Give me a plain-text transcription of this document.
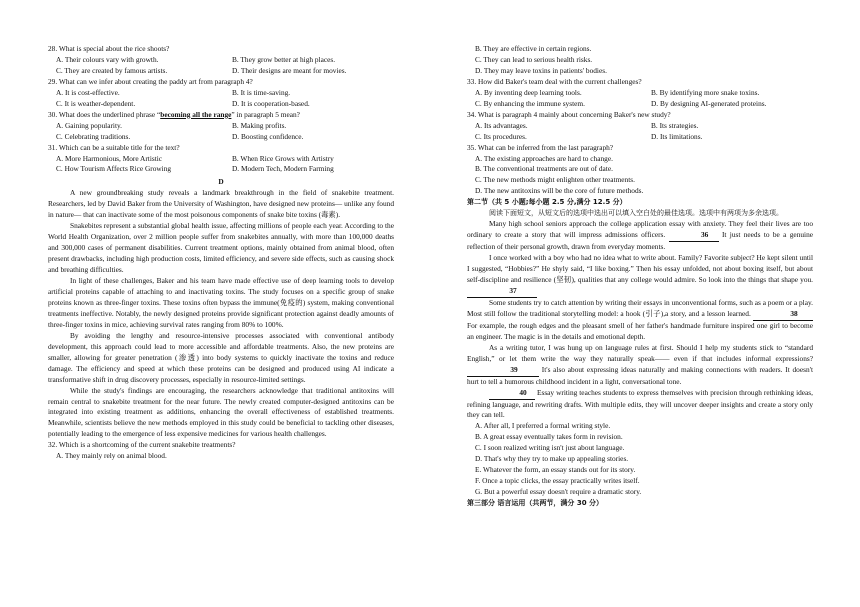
28. What is special about the rice shoots?

A. Their colours vary with growth.	B. They grow better at high places.
C. They are created by famous artists.	D. Their designs are meant for movies.

29. What can we infer about creating the paddy art from paragraph 4?

A. It is cost-effective.	B. It is time-saving.
C. It is weather-dependent.	D. It is cooperation-based.

30. What does the underlined phrase “becoming all the range” in paragraph 5 mean?

A. Gaining popularity.	B. Making profits.
C. Celebrating traditions.	D. Boosting confidence.

31. Which can be a suitable title for the text?

A. More Harmonious, More Artistic	B. When Rice Grows with Artistry
C. How Tourism Affects Rice Growing	D. Modern Tech, Modern Farming

D

A new groundbreaking study reveals a landmark breakthrough in the field of snakebite treatment. Researchers, led by David Baker from the University of Washington, have designed new proteins— unlike any found in nature— that can inactivate some of the most poisonous components of snake bite toxins (毒素).

Snakebites represent a substantial global health issue, affecting millions of people each year. According to the World Health Organization, over 2 million people suffer from snakebites annually, with more than 100,000 deaths and 300,000 cases of permanent disabilities. Current treatment options, mainly obtained from animal blood, often present drawbacks, including high production costs, limited efficiency, and severe side effects, such as causing shock and breathing difficulties.

In light of these challenges, Baker and his team have made effective use of deep learning tools to develop artificial proteins capable of attaching to and inactivating toxins. The study focuses on a specific group of snake proteins known as three-finger toxins. These toxins often bypass the immune(免疫的) system, making conventional treatments ineffective. Notably, the newly designed proteins provide significant protection against deadly amounts of three-finger toxins in mice, achieving survival rates ranging from 80% to 100%.

By avoiding the lengthy and resource-intensive processes associated with conventional antibody development, this approach could lead to more accessible and affordable treatments. Also, the new proteins are smaller, allowing for greater penetration (渗透) into body systems to quickly inactivate the toxins and reduce damage. The efficiency and speed at which these proteins can be designed and produced using AI indicate a transformative shift in drug discovery processes, especially in resource-limited settings.

While the study's findings are encouraging, the researchers acknowledge that traditional antitoxins will remain central to snakebite treatment for the near future. The newly created computer-designed antitoxins can be integrated into existing treatment as additions, enhancing the overall effectiveness of established treatments. Meanwhile, scientists believe the new methods employed in this study could be beneficial to tackling other diseases, potentially leading to the emergence of less expensive medicines for various health challenges.

32. Which is a shortcoming of the current snakebite treatments?

A. They mainly rely on animal blood.
B. They are effective in certain regions.
C. They can lead to serious health risks.
D. They may leave toxins in patients' bodies.

33. How did Baker's team deal with the current challenges?

A. By inventing deep learning tools.	B. By identifying more snake toxins.
C. By enhancing the immune system.	D. By designing AI-generated proteins.

34. What is paragraph 4 mainly about concerning Baker's new study?

A. Its advantages.	B. Its strategies.
C. Its procedures.	D. Its limitations.

35. What can be inferred from the last paragraph?

A. The existing approaches are hard to change.
B. The conventional treatments are out of date.
C. The new methods might enlighten other treatments.
D. The new antitoxins will be the core of future methods.

第二节（共 5 小题;每小题 2.5 分,满分 12.5 分）

阅读下面短文，从短文后的选项中选出可以填入空白处的最佳选项。选项中有两项为多余选项。

Many high school seniors approach the college application essay with anxiety. They feel their lives are too ordinary to create a story that will impress admissions officers.	36 It just needs to be a genuine reflection of their personal growth, drawn from everyday moments.

I once worked with a boy who had no idea what to write about. Family? Favorite subject? He kept silent until I suggested, “Hobbies?” He shyly said, “I like boxing.” Then his essay unfolded, not about boxing itself, but about self-discipline and resilience (坚韧), qualities that any college would admire. So look into the things that shape you. 37

Some students try to catch attention by writing their essays in unconventional forms, such as a poem or a play. Most still follow the traditional storytelling model: a hook (引子),a story, and a lesson learned.	38 For example, the rough edges and the pleasant smell of her father's handmade furniture inspired one girl to become an engineer. The magic is in the details and emotional depth.

As a writing tutor, I was hung up on language rules at first. Should I help my students stick to “standard English,” or let them write the way they naturally speak—— even if that includes informal expressions? 39	It's also about expressing ideas naturally and making connections with readers. It doesn't hurt to tell a humorous childhood incident in a light, conversational tone.

40 Essay writing teaches students to express themselves with precision through rethinking ideas, refining language, and rewriting drafts. With multiple edits, they will uncover deeper insights and create a story only they can tell.

A. After all, I preferred a formal writing style.
B. A great essay eventually takes form in revision.
C. I soon realized writing isn't just about language.
D. That's why they try to make up appealing stories.
E. Whatever the form, an essay stands out for its story.
F. Once a topic clicks, the essay practically writes itself.
G. But a powerful essay doesn't require a dramatic story.

第三部分 语言运用（共两节，满分 30 分）
